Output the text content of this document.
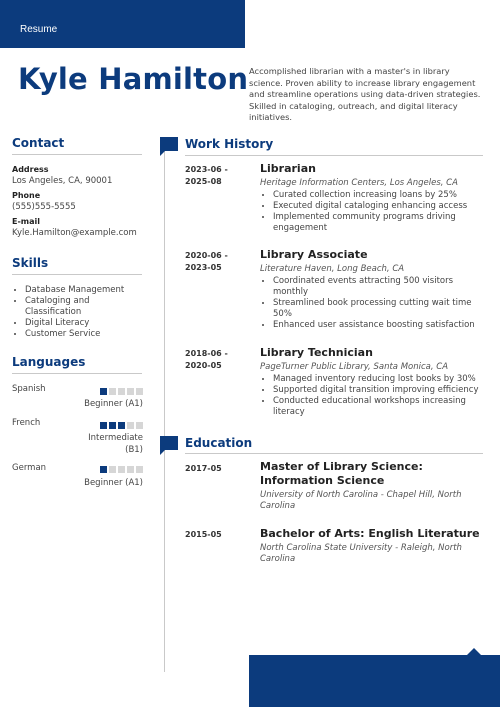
Resume
Kyle Hamilton Accomplished librarian with a master's in library science. Proven ability to increase library engagement and streamline operations using data-driven strategies. Skilled in cataloging, outreach, and digital literacy initiatives.
Contact
Address
Los Angeles, CA, 90001
Phone
(555)555-5555
E-mail
Kyle.Hamilton@example.com
Skills
• Database Management
• Cataloging and Classification
• Digital Literacy
• Customer Service
Languages
Spanish
Beginner (A1)
French
Intermediate (B1)
German
Beginner (A1)
Work History
2023-06 -
2025-08
Librarian
Heritage Information Centers, Los Angeles, CA
• Curated collection increasing loans by 25%
• Executed digital cataloging enhancing access
• Implemented community programs driving engagement
2020-06 -
2023-05
Library Associate
Literature Haven, Long Beach, CA
• Coordinated events attracting 500 visitors monthly
• Streamlined book processing cutting wait time 50%
• Enhanced user assistance boosting satisfaction
2018-06 -
2020-05
Library Technician
PageTurner Public Library, Santa Monica, CA
• Managed inventory reducing lost books by 30%
• Supported digital transition improving efficiency
• Conducted educational workshops increasing literacy
Education
2017-05	Master of Library Science: Information Science
University of North Carolina - Chapel Hill, North Carolina
2015-05	Bachelor of Arts: English Literature
North Carolina State University - Raleigh, North Carolina
